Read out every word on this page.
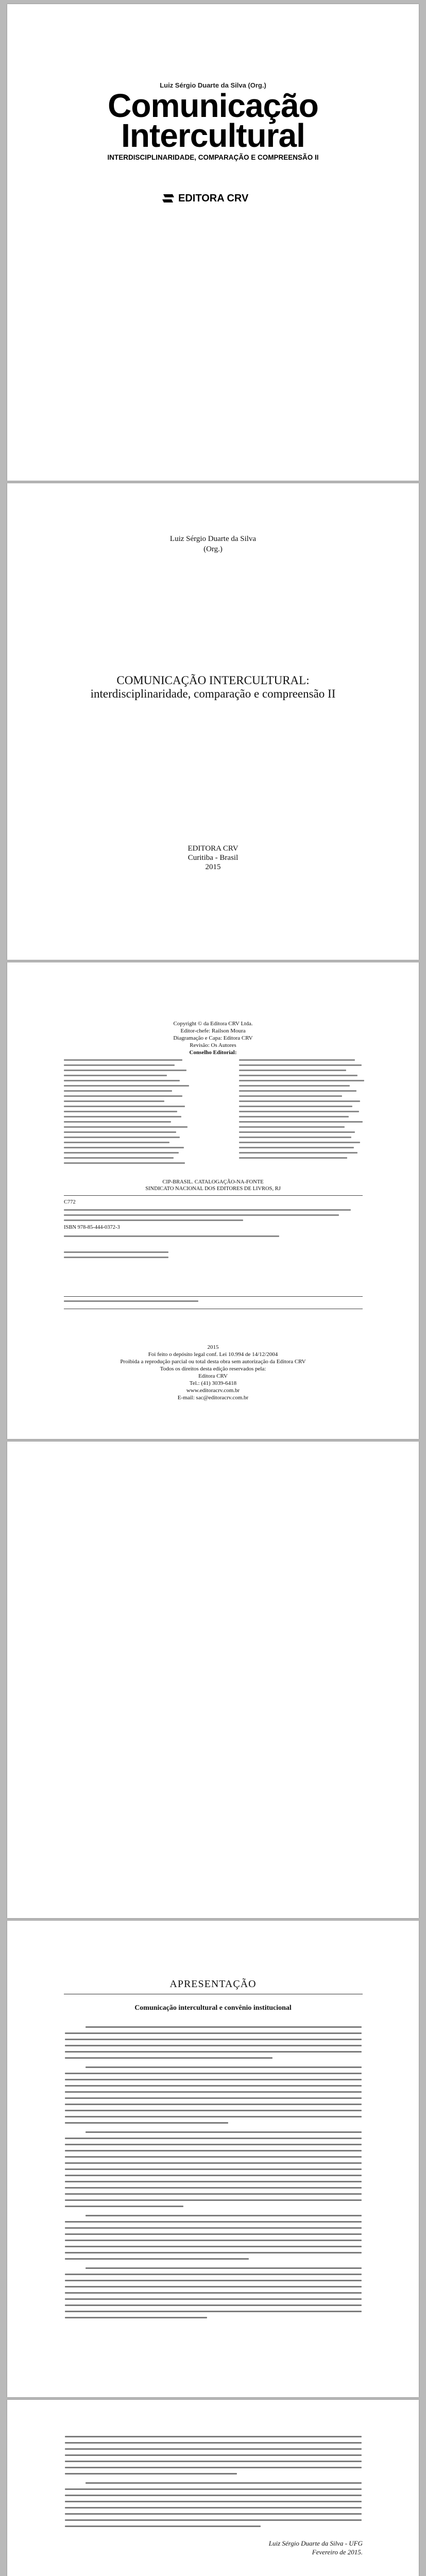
Luiz Sérgio Duarte da Silva (Org.)
Comunicação
Intercultural
INTERDISCIPLINARIDADE, COMPARAÇÃO E COMPREENSÃO II
EDITORA CRV
Luiz Sérgio Duarte da Silva
(Org.)
COMUNICAÇÃO INTERCULTURAL:
interdisciplinaridade, comparação e compreensão II
EDITORA CRV
Curitiba - Brasil
2015
Copyright © da Editora CRV Ltda.
Editor-chefe: Railson Moura
Diagramação e Capa: Editora CRV
Revisão: Os Autores
Conselho Editorial:
CIP-BRASIL. CATALOGAÇÃO-NA-FONTE
SINDICATO NACIONAL DOS EDITORES DE LIVROS, RJ
C772
ISBN 978-85-444-0372-3
2015
Foi feito o depósito legal conf. Lei 10.994 de 14/12/2004
Proibida a reprodução parcial ou total desta obra sem autorização da Editora CRV
Todos os direitos desta edição reservados pela:
Editora CRV
Tel.: (41) 3039-6418
www.editoracrv.com.br
E-mail: sac@editoracrv.com.br
APRESENTAÇÃO
Comunicação intercultural e convênio institucional
Luiz Sérgio Duarte da Silva - UFG
Fevereiro de 2015.
